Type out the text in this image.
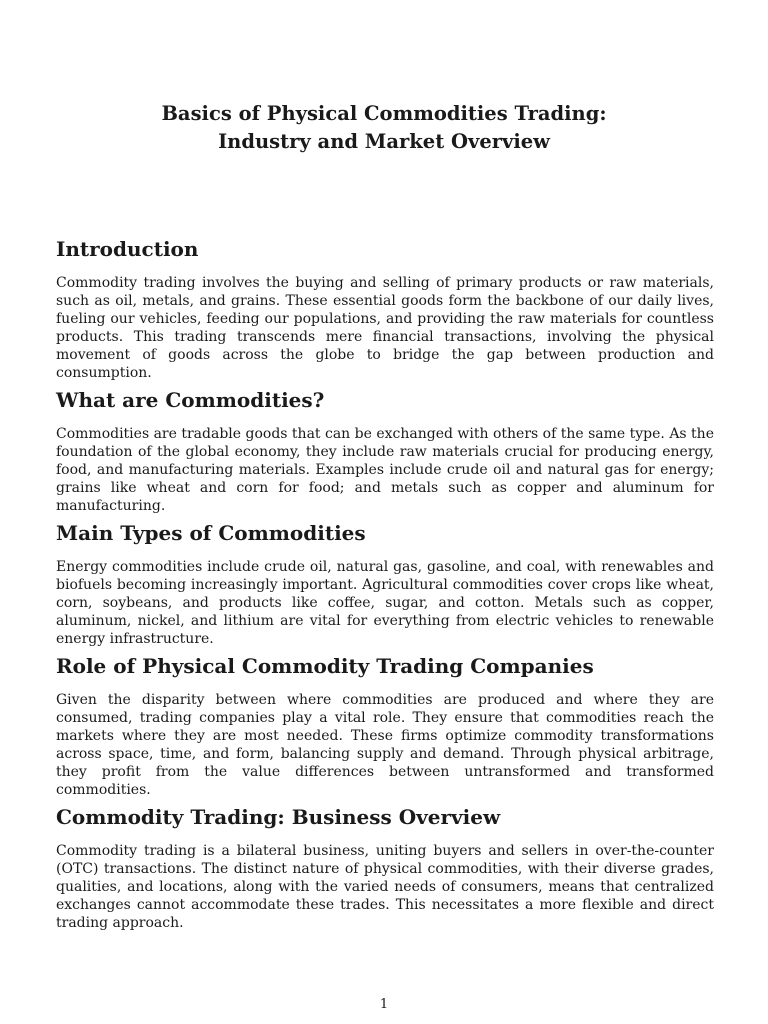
Basics of Physical Commodities Trading:

Industry and Market Overview

Introduction

Commodity trading involves the buying and selling of primary products or raw materials, such as oil, metals, and grains. These essential goods form the backbone of our daily lives, fueling our vehicles, feeding our populations, and providing the raw materials for countless products. This trading transcends mere financial transactions, involving the physical movement of goods across the globe to bridge the gap between production and consumption.

What are Commodities?

Commodities are tradable goods that can be exchanged with others of the same type. As the foundation of the global economy, they include raw materials crucial for producing energy, food, and manufacturing materials. Examples include crude oil and natural gas for energy; grains like wheat and corn for food; and metals such as copper and aluminum for manufacturing.

Main Types of Commodities

Energy commodities include crude oil, natural gas, gasoline, and coal, with renewables and biofuels becoming increasingly important. Agricultural commodities cover crops like wheat, corn, soybeans, and products like coffee, sugar, and cotton. Metals such as copper, aluminum, nickel, and lithium are vital for everything from electric vehicles to renewable energy infrastructure.

Role of Physical Commodity Trading Companies

Given the disparity between where commodities are produced and where they are consumed, trading companies play a vital role. They ensure that commodities reach the markets where they are most needed. These firms optimize commodity transformations across space, time, and form, balancing supply and demand. Through physical arbitrage, they profit from the value differences between untransformed and transformed commodities.

Commodity Trading: Business Overview

Commodity trading is a bilateral business, uniting buyers and sellers in over-the-counter (OTC) transactions. The distinct nature of physical commodities, with their diverse grades, qualities, and locations, along with the varied needs of consumers, means that centralized exchanges cannot accommodate these trades. This necessitates a more flexible and direct trading approach.

1
